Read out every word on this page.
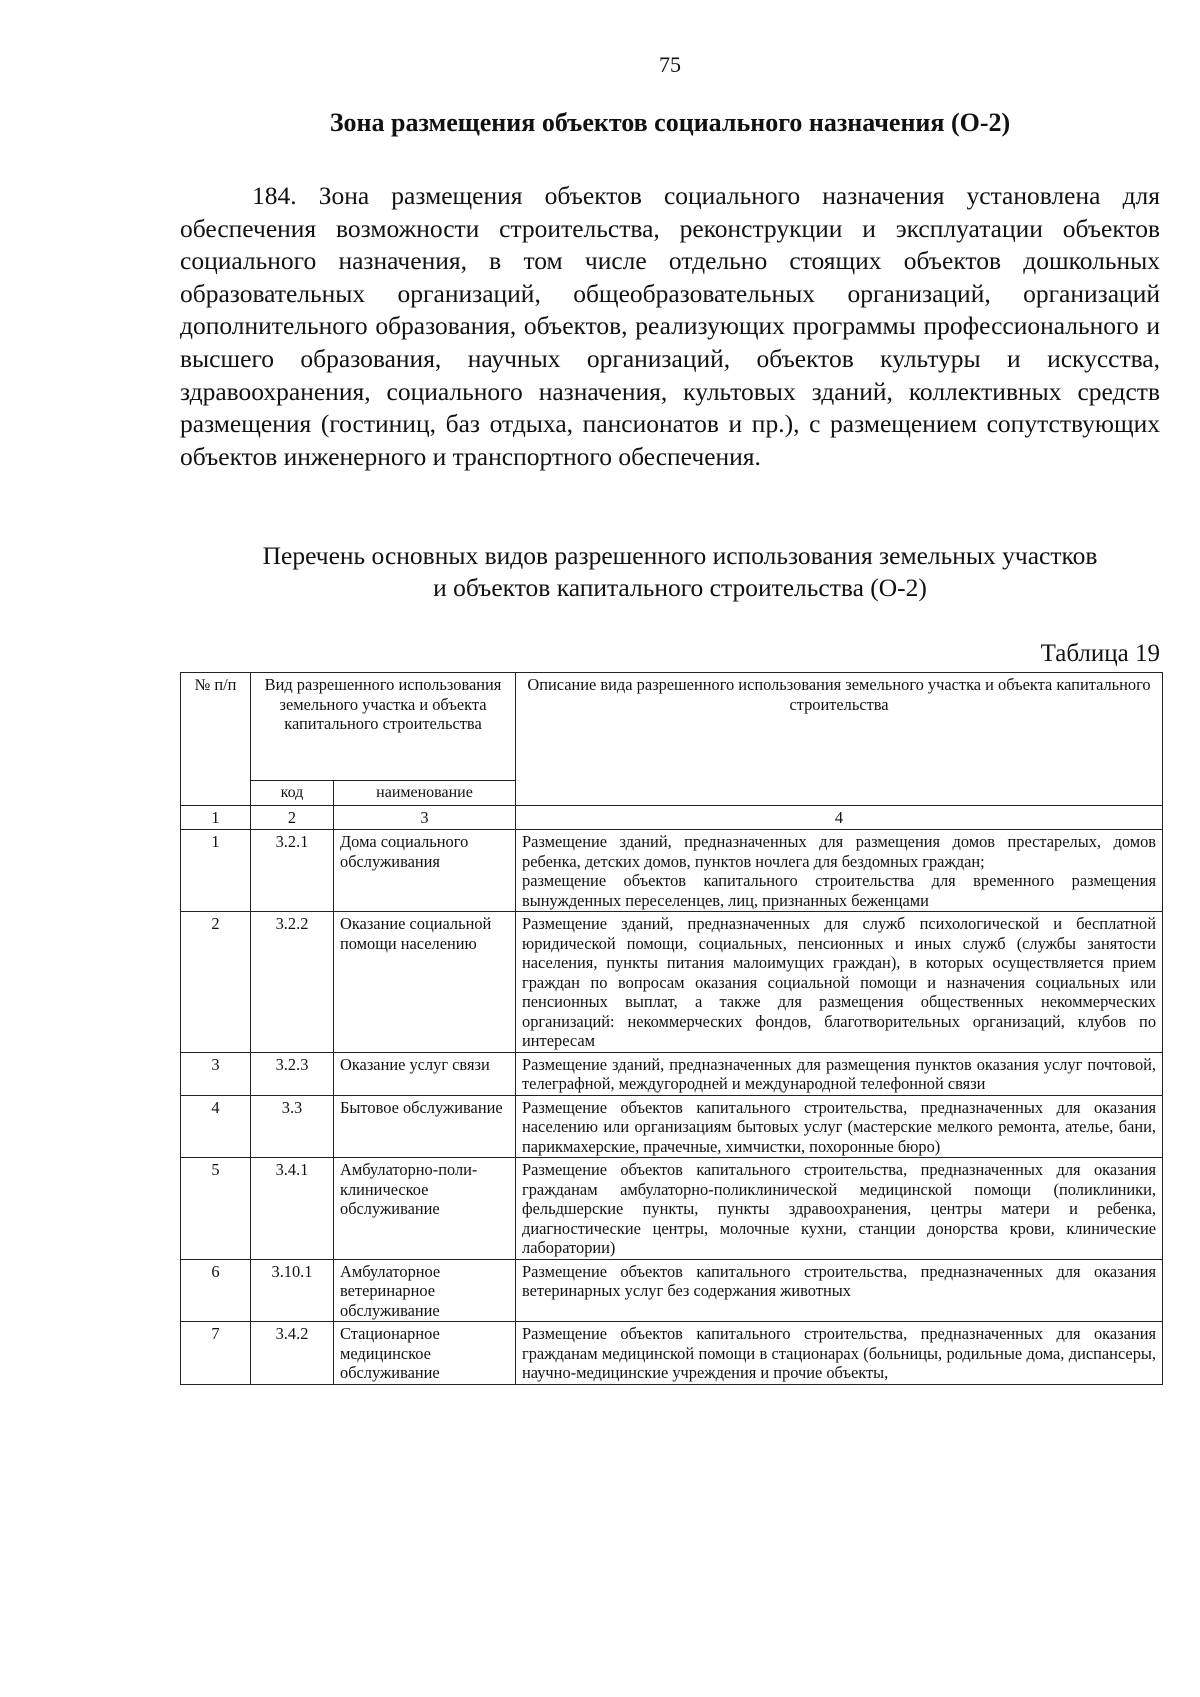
75
Зона размещения объектов социального назначения (О-2)
184. Зона размещения объектов социального назначения установлена для обеспечения возможности строительства, реконструкции и эксплуатации объектов социального назначения, в том числе отдельно стоящих объектов дошкольных образовательных организаций, общеобразовательных организаций, организаций дополнительного образования, объектов, реализующих программы профессионального и высшего образования, научных организаций, объектов культуры и искусства, здравоохранения, социального назначения, культовых зданий, коллективных средств размещения (гостиниц, баз отдыха, пансионатов и пр.), с размещением сопутствующих объектов инженерного и транспортного обеспечения.
Перечень основных видов разрешенного использования земельных участков
и объектов капитального строительства (О-2)
Таблица 19
№ п/п	Вид разрешенного использования земельного участка и объекта капитального строительства		Описание вида разрешенного использования земельного участка и объекта капитального строительства
	код	наименование	
1	2	3	4
1	3.2.1	Дома социального обслуживания	Размещение зданий, предназначенных для размещения домов престарелых, домов ребенка, детских домов, пунктов ночлега для бездомных граждан;
размещение объектов капитального строительства для временного размещения вынужденных переселенцев, лиц, признанных беженцами

2	3.2.2	Оказание социальной помощи населению	Размещение зданий, предназначенных для служб психологической и бесплатной юридической помощи, социальных, пенсионных и иных служб (службы занятости населения, пункты питания малоимущих граждан), в которых осуществляется прием граждан по вопросам оказания социальной помощи и назначения социальных или пенсионных выплат, а также для размещения общественных некоммерческих организаций: некоммерческих фондов, благотворительных организаций, клубов по интересам

3	3.2.3	Оказание услуг связи	Размещение зданий, предназначенных для размещения пунктов оказания услуг почтовой, телеграфной, междугородней и международной телефонной связи

4	3.3	Бытовое обслуживание	Размещение объектов капитального строительства, предназначенных для оказания населению или организациям бытовых услуг (мастерские мелкого ремонта, ателье, бани, парикмахерские, прачечные, химчистки, похоронные бюро)

5	3.4.1	Амбулаторно-поли-клиническое обслуживание	Размещение объектов капитального строительства, предназначенных для оказания гражданам амбулаторно-поликлинической медицинской помощи (поликлиники, фельдшерские пункты, пункты здравоохранения, центры матери и ребенка, диагностические центры, молочные кухни, станции донорства крови, клинические лаборатории)

6	3.10.1	Амбулаторное ветеринарное обслуживание	Размещение объектов капитального строительства, предназначенных для оказания ветеринарных услуг без содержания животных

7	3.4.2	Стационарное медицинское обслуживание	Размещение объектов капитального строительства, предназначенных для оказания гражданам медицинской помощи в стационарах (больницы, родильные дома, диспансеры, научно-медицинские учреждения и прочие объекты,
